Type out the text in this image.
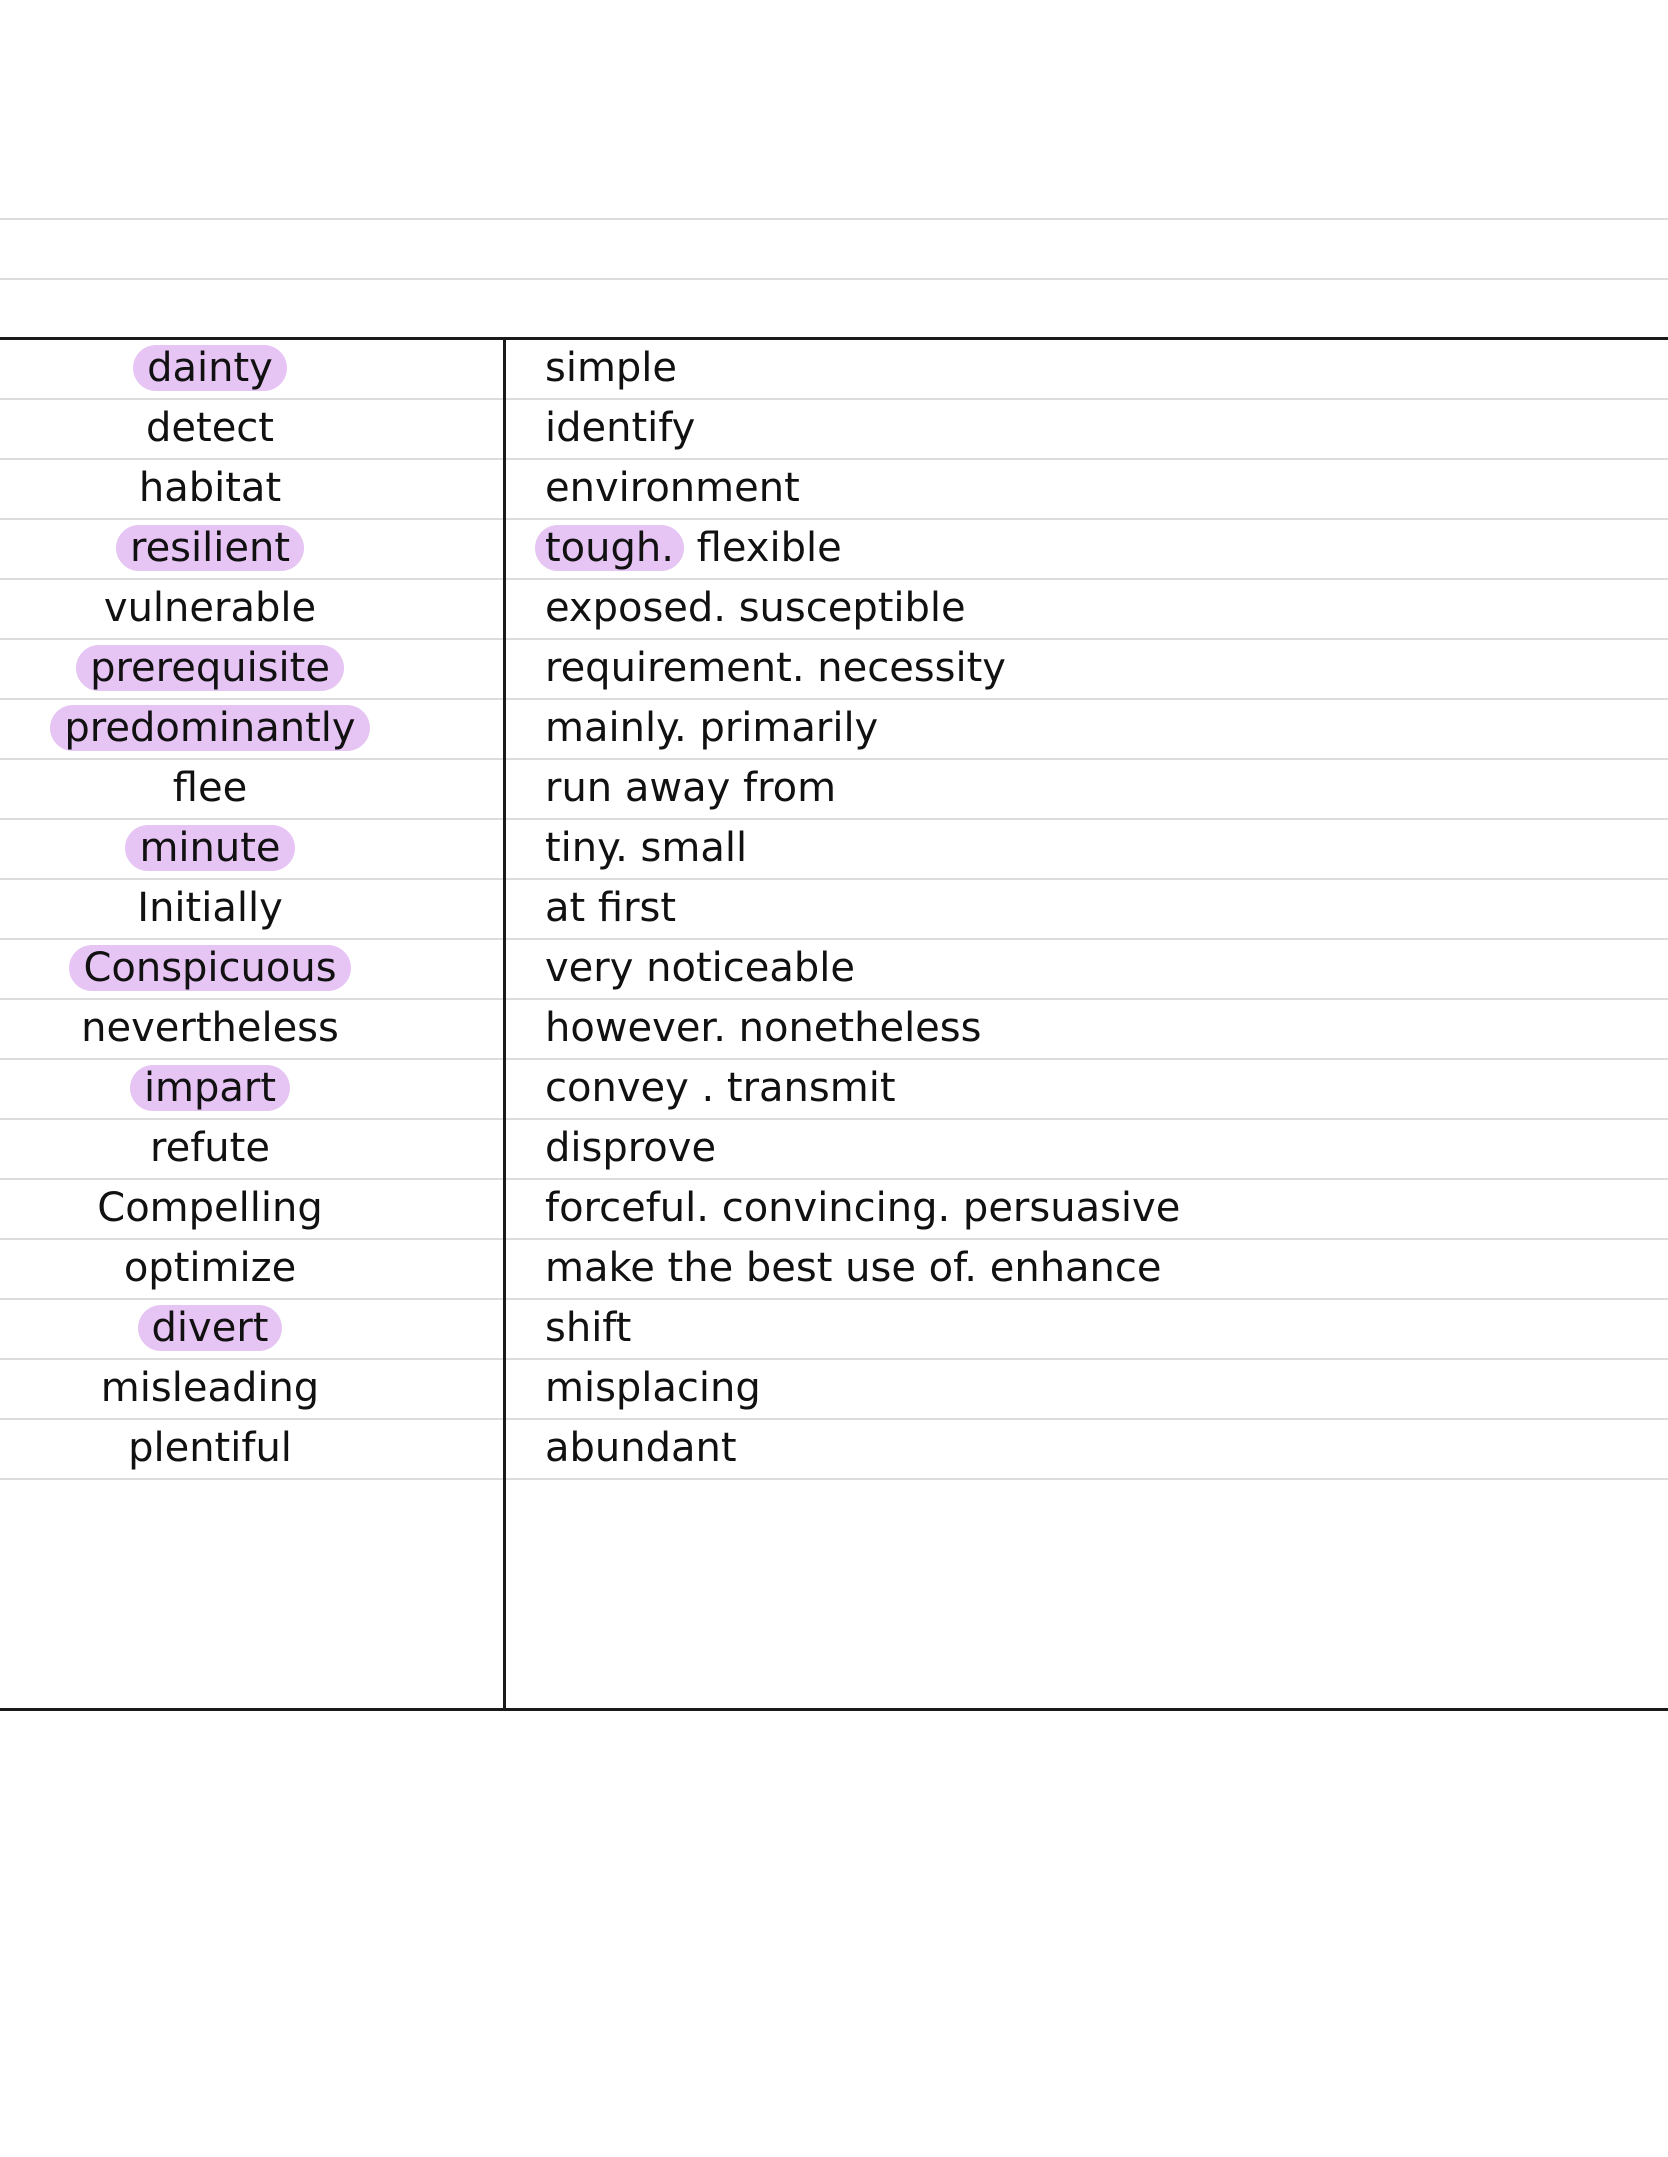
dainty	simple
detect	identify
habitat	environment
resilient	tough. flexible
vulnerable	exposed. susceptible
prerequisite	requirement. necessity
predominantly	mainly. primarily
flee	run away from
minute	tiny. small
Initially	at first
Conspicuous	very noticeable
nevertheless	however. nonetheless
impart	convey . transmit
refute	disprove
Compelling	forceful. convincing. persuasive
optimize	make the best use of. enhance
divert	shift
misleading	misplacing
plentiful	abundant
